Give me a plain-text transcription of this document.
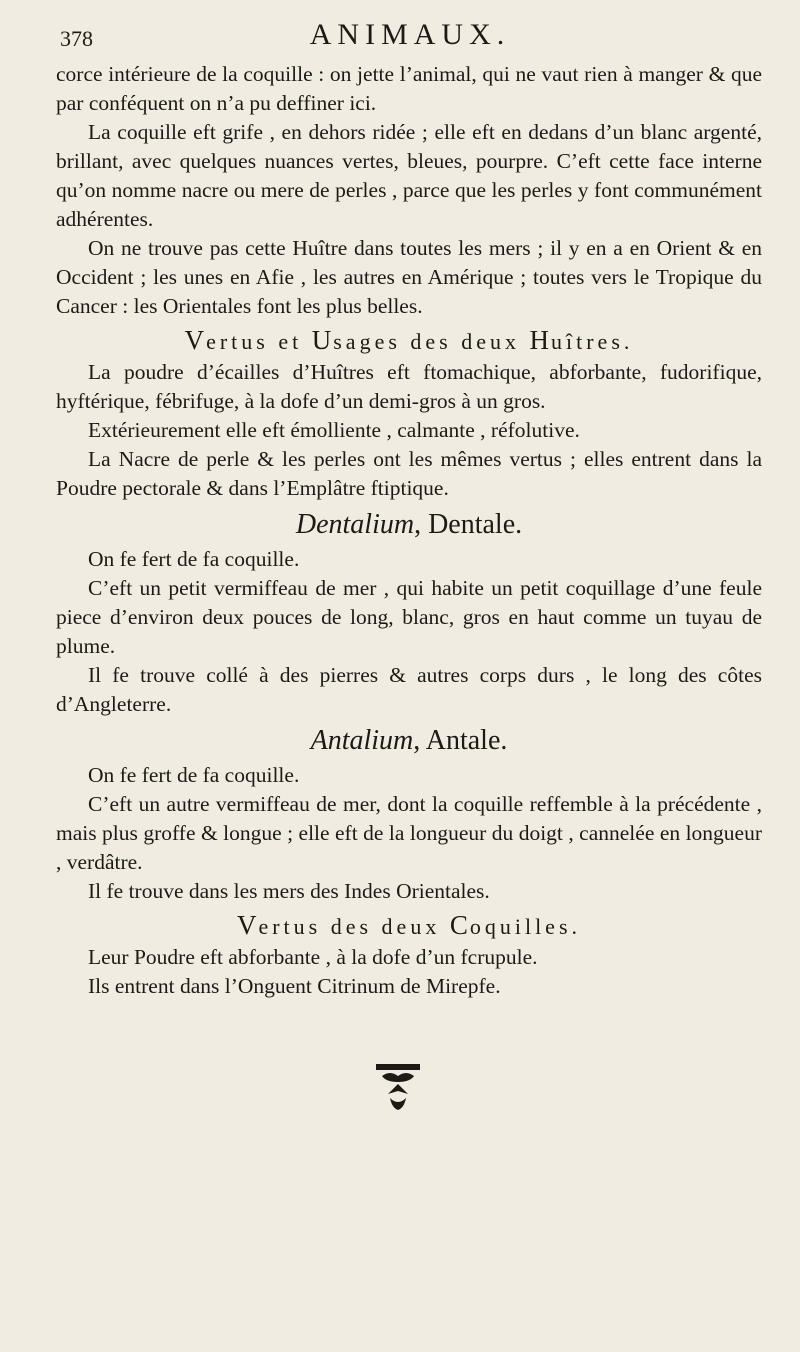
378	ANIMAUX.

corce intérieure de la coquille : on jette l’animal, qui ne vaut rien à manger & que par conféquent on n’a pu deffiner ici.

La coquille eft grife , en dehors ridée ; elle eft en dedans d’un blanc argenté, brillant, avec quelques nuances vertes, bleues, pourpre. C’eft cette face interne qu’on nomme nacre ou mere de perles , parce que les perles y font communément adhérentes.

On ne trouve pas cette Huître dans toutes les mers ; il y en a en Orient & en Occident ; les unes en Afie , les autres en Amérique ; toutes vers le Tropique du Cancer : les Orientales font les plus belles.

Vertus et Usages des deux Huîtres.

La poudre d’écailles d’Huîtres eft ftomachique, abforbante, fudorifique, hyftérique, fébrifuge, à la dofe d’un demi-gros à un gros.

Extérieurement elle eft émolliente , calmante , réfolutive.

La Nacre de perle & les perles ont les mêmes vertus ; elles entrent dans la Poudre pectorale & dans l’Emplâtre ftiptique.

Dentalium, Dentale.

On fe fert de fa coquille.

C’eft un petit vermiffeau de mer , qui habite un petit coquillage d’une feule piece d’environ deux pouces de long, blanc, gros en haut comme un tuyau de plume.

Il fe trouve collé à des pierres & autres corps durs , le long des côtes d’Angleterre.

Antalium, Antale.

On fe fert de fa coquille.

C’eft un autre vermiffeau de mer, dont la coquille reffemble à la précédente , mais plus groffe & longue ; elle eft de la longueur du doigt , cannelée en longueur , verdâtre.

Il fe trouve dans les mers des Indes Orientales.

Vertus des deux Coquilles.

Leur Poudre eft abforbante , à la dofe d’un fcrupule.

Ils entrent dans l’Onguent Citrinum de Mirepfe.
